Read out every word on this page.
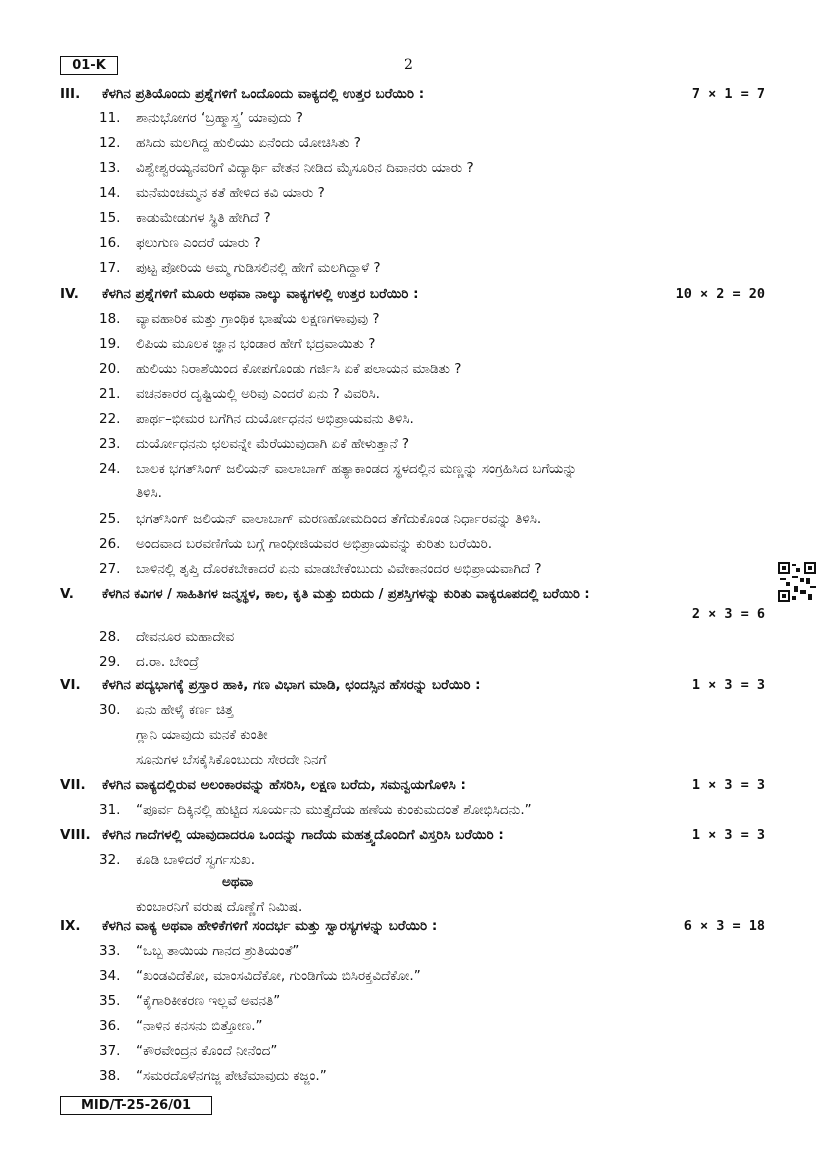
01-K	2
III. ಕೆಳಗಿನ ಪ್ರತಿಯೊಂದು ಪ್ರಶ್ನೆಗಳಿಗೆ ಒಂದೊಂದು ವಾಕ್ಯದಲ್ಲಿ ಉತ್ತರ ಬರೆಯಿರಿ :	7 × 1 = 7
11. ಶಾನುಭೋಗರ ‘ಬ್ರಹ್ಮಾಸ್ತ್ರ’ ಯಾವುದು ?
12. ಹಸಿದು ಮಲಗಿದ್ದ ಹುಲಿಯು ಏನೆಂದು ಯೋಚಿಸಿತು ?
13. ವಿಶ್ವೇಶ್ವರಯ್ಯನವರಿಗೆ ವಿದ್ಯಾರ್ಥಿ ವೇತನ ನೀಡಿದ ಮೈಸೂರಿನ ದಿವಾನರು ಯಾರು ?
14. ಮನೆಮಂಚಮ್ಮನ ಕತೆ ಹೇಳಿದ ಕವಿ ಯಾರು ?
15. ಕಾಡುಮೇಡುಗಳ ಸ್ಥಿತಿ ಹೇಗಿದೆ ?
16. ಫಲುಗುಣ ಎಂದರೆ ಯಾರು ?
17. ಪುಟ್ಟ ಪೋರಿಯ ಅಮ್ಮ ಗುಡಿಸಲಿನಲ್ಲಿ ಹೇಗೆ ಮಲಗಿದ್ದಾಳೆ ?
IV. ಕೆಳಗಿನ ಪ್ರಶ್ನೆಗಳಿಗೆ ಮೂರು ಅಥವಾ ನಾಲ್ಕು ವಾಕ್ಯಗಳಲ್ಲಿ ಉತ್ತರ ಬರೆಯಿರಿ :	10 × 2 = 20
18. ವ್ಯಾವಹಾರಿಕ ಮತ್ತು ಗ್ರಾಂಥಿಕ ಭಾಷೆಯ ಲಕ್ಷಣಗಳಾವುವು ?
19. ಲಿಪಿಯ ಮೂಲಕ ಜ್ಞಾನ ಭಂಡಾರ ಹೇಗೆ ಭದ್ರವಾಯಿತು ?
20. ಹುಲಿಯು ನಿರಾಶೆಯಿಂದ ಕೋಪಗೊಂಡು ಗರ್ಜಿಸಿ ಏಕೆ ಪಲಾಯನ ಮಾಡಿತು ?
21. ವಚನಕಾರರ ದೃಷ್ಟಿಯಲ್ಲಿ ಅರಿವು ಎಂದರೆ ಏನು ? ವಿವರಿಸಿ.
22. ಪಾರ್ಥ–ಭೀಮರ ಬಗೆಗಿನ ದುರ್ಯೋಧನನ ಅಭಿಪ್ರಾಯವನು ತಿಳಿಸಿ.
23. ದುರ್ಯೋಧನನು ಛಲವನ್ನೇ ಮೆರೆಯುವುದಾಗಿ ಏಕೆ ಹೇಳುತ್ತಾನೆ ?
24. ಬಾಲಕ ಭಗತ್‌ಸಿಂಗ್ ಜಲಿಯನ್ ವಾಲಾಬಾಗ್ ಹತ್ಯಾಕಾಂಡದ ಸ್ಥಳದಲ್ಲಿನ ಮಣ್ಣನ್ನು ಸಂಗ್ರಹಿಸಿದ ಬಗೆಯನ್ನು
ತಿಳಿಸಿ.
25. ಭಗತ್‌ಸಿಂಗ್ ಜಲಿಯನ್ ವಾಲಾಬಾಗ್ ಮರಣಹೋಮದಿಂದ ತೆಗೆದುಕೊಂಡ ನಿರ್ಧಾರವನ್ನು ತಿಳಿಸಿ.
26. ಅಂದವಾದ ಬರವಣಿಗೆಯ ಬಗ್ಗೆ ಗಾಂಧೀಜಿಯವರ ಅಭಿಪ್ರಾಯವನ್ನು ಕುರಿತು ಬರೆಯಿರಿ.
27. ಬಾಳಿನಲ್ಲಿ ತೃಪ್ತಿ ದೊರಕಬೇಕಾದರೆ ಏನು ಮಾಡಬೇಕೆಂಬುದು ವಿವೇಕಾನಂದರ ಅಭಿಪ್ರಾಯವಾಗಿದೆ ?
V. ಕೆಳಗಿನ ಕವಿಗಳ / ಸಾಹಿತಿಗಳ ಜನ್ಮಸ್ಥಳ, ಕಾಲ, ಕೃತಿ ಮತ್ತು ಬಿರುದು / ಪ್ರಶಸ್ತಿಗಳನ್ನು ಕುರಿತು ವಾಕ್ಯರೂಪದಲ್ಲಿ ಬರೆಯಿರಿ :
2 × 3 = 6
28. ದೇವನೂರ ಮಹಾದೇವ
29. ದ.ರಾ. ಬೇಂದ್ರೆ
VI. ಕೆಳಗಿನ ಪದ್ಯಭಾಗಕ್ಕೆ ಪ್ರಸ್ತಾರ ಹಾಕಿ, ಗಣ ವಿಭಾಗ ಮಾಡಿ, ಛಂದಸ್ಸಿನ ಹೆಸರನ್ನು ಬರೆಯಿರಿ :	1 × 3 = 3
30. ಏನು ಹೇಳೈ ಕರ್ಣ ಚಿತ್ತ
ಗ್ಲಾನಿ ಯಾವುದು ಮನಕೆ ಕುಂತೀ
ಸೂನುಗಳ ಬೆಸಕೈಸಿಕೊಂಬುದು ಸೇರದೇ ನಿನಗೆ
VII. ಕೆಳಗಿನ ವಾಕ್ಯದಲ್ಲಿರುವ ಅಲಂಕಾರವನ್ನು ಹೆಸರಿಸಿ, ಲಕ್ಷಣ ಬರೆದು, ಸಮನ್ವಯಗೊಳಿಸಿ :	1 × 3 = 3
31. “ಪೂರ್ವ ದಿಕ್ಕಿನಲ್ಲಿ ಹುಟ್ಟಿದ ಸೂರ್ಯನು ಮುತ್ತೈದೆಯ ಹಣೆಯ ಕುಂಕುಮದಂತೆ ಶೋಭಿಸಿದನು.”
VIII. ಕೆಳಗಿನ ಗಾದೆಗಳಲ್ಲಿ ಯಾವುದಾದರೂ ಒಂದನ್ನು ಗಾದೆಯ ಮಹತ್ತ್ವದೊಂದಿಗೆ ವಿಸ್ತರಿಸಿ ಬರೆಯಿರಿ :	1 × 3 = 3
32. ಕೂಡಿ ಬಾಳಿದರೆ ಸ್ವರ್ಗಸುಖ.
ಅಥವಾ
ಕುಂಬಾರನಿಗೆ ವರುಷ ದೊಣ್ಣೆಗೆ ನಿಮಿಷ.
IX. ಕೆಳಗಿನ ವಾಕ್ಯ ಅಥವಾ ಹೇಳಿಕೆಗಳಿಗೆ ಸಂದರ್ಭ ಮತ್ತು ಸ್ವಾರಸ್ಯಗಳನ್ನು ಬರೆಯಿರಿ :	6 × 3 = 18
33. “ಒಬ್ಬ ತಾಯಿಯ ಗಾನದ ಶ್ರುತಿಯಂತೆ”
34. “ಖಂಡವಿದೆಕೋ, ಮಾಂಸವಿದೆಕೋ, ಗುಂಡಿಗೆಯ ಬಿಸಿರಕ್ತವಿದೆಕೋ.”
35. “ಕೈಗಾರಿಕೀಕರಣ ಇಲ್ಲವೆ ಅವನತಿ”
36. “ನಾಳಿನ ಕನಸನು ಬಿತ್ತೋಣ.”
37. “ಕೌರವೇಂದ್ರನ ಕೊಂದೆ ನೀನೆಂದ”
38. “ಸಮರದೊಳೆನಗಜ್ಜ ಪೇಟೆಮಾವುದು ಕಜ್ಜಂ.”
MID/T-25-26/01
